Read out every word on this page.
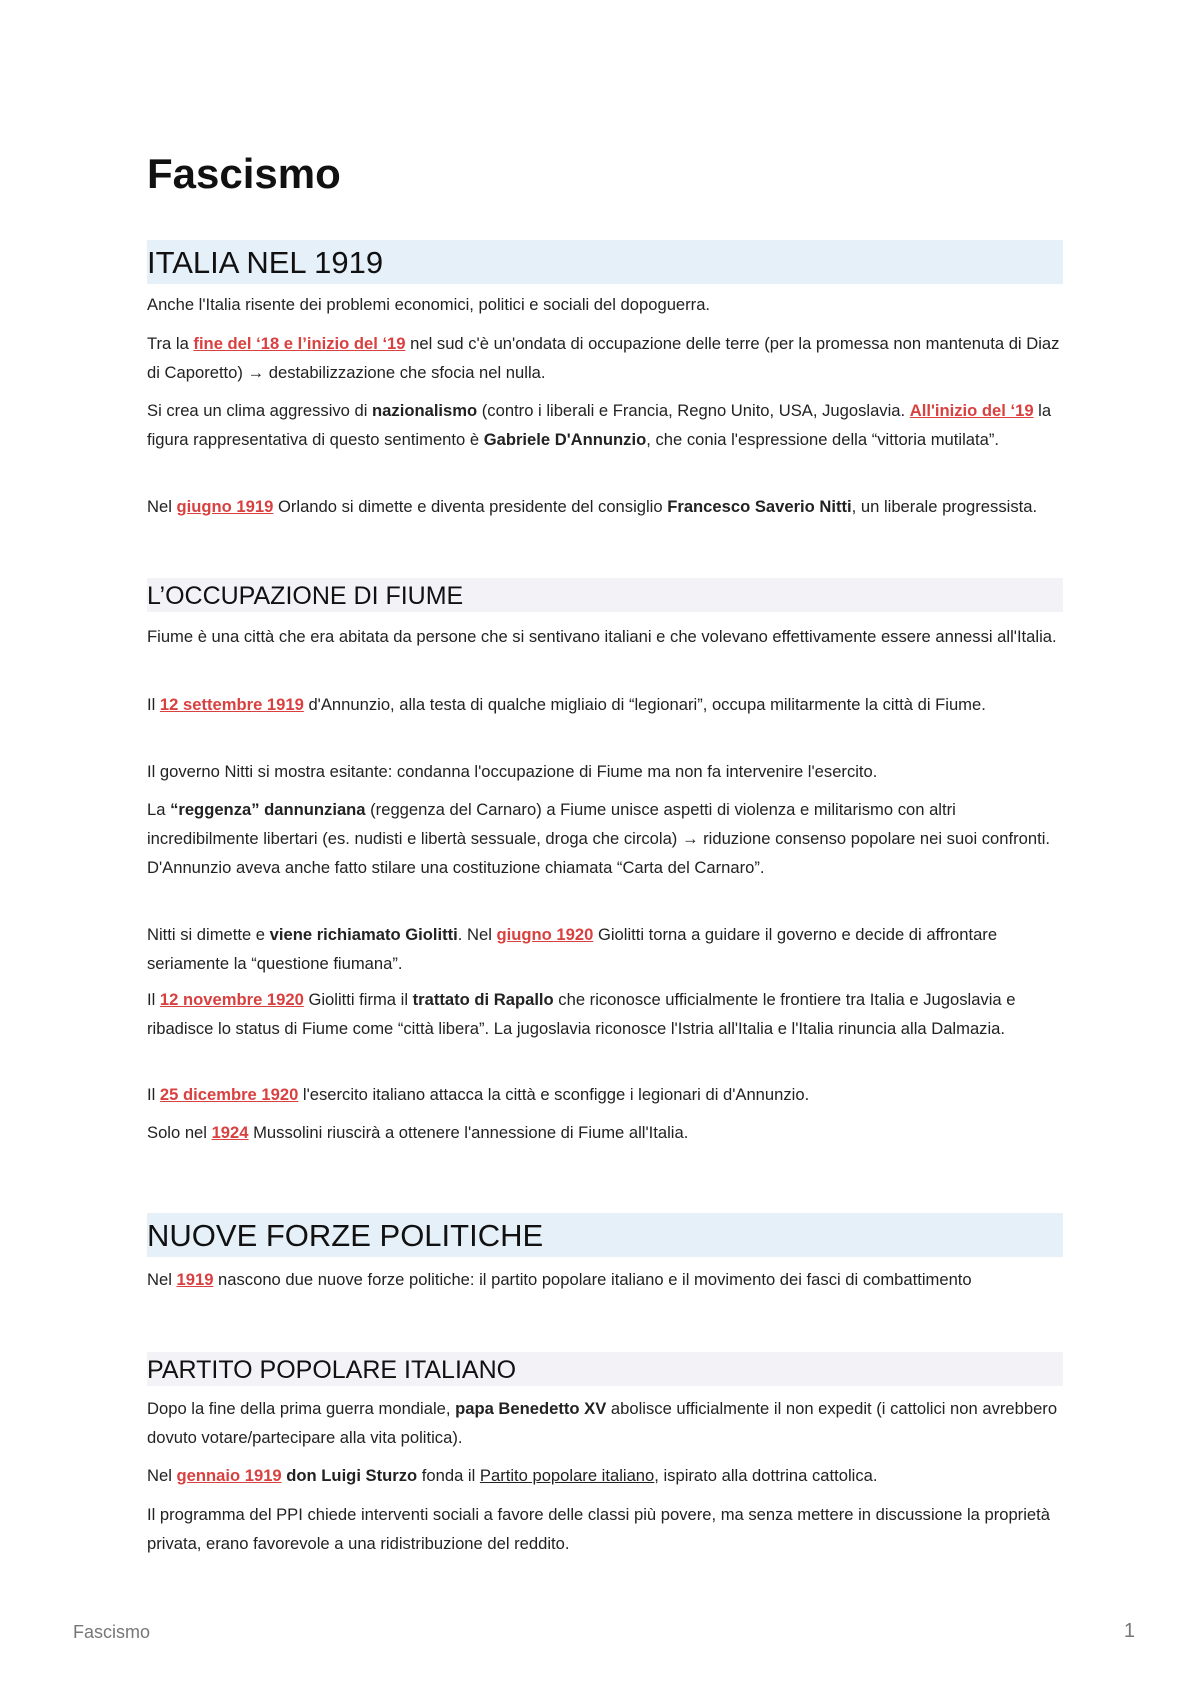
Fascismo
ITALIA NEL 1919

Anche l'Italia risente dei problemi economici, politici e sociali del dopoguerra.

Tra la fine del ‘18 e l’inizio del ‘19 nel sud c'è un'ondata di occupazione delle terre (per la promessa non mantenuta di Diaz di Caporetto) → destabilizzazione che sfocia nel nulla.

Si crea un clima aggressivo di nazionalismo (contro i liberali e Francia, Regno Unito, USA, Jugoslavia. All'inizio del ‘19 la figura rappresentativa di questo sentimento è Gabriele D'Annunzio, che conia l'espressione della “vittoria mutilata”.

Nel giugno 1919 Orlando si dimette e diventa presidente del consiglio Francesco Saverio Nitti, un liberale progressista.

L’OCCUPAZIONE DI FIUME

Fiume è una città che era abitata da persone che si sentivano italiani e che volevano effettivamente essere annessi all'Italia.

Il 12 settembre 1919 d'Annunzio, alla testa di qualche migliaio di “legionari”, occupa militarmente la città di Fiume.

Il governo Nitti si mostra esitante: condanna l'occupazione di Fiume ma non fa intervenire l'esercito.

La “reggenza” dannunziana (reggenza del Carnaro) a Fiume unisce aspetti di violenza e militarismo con altri incredibilmente libertari (es. nudisti e libertà sessuale, droga che circola) → riduzione consenso popolare nei suoi confronti. D'Annunzio aveva anche fatto stilare una costituzione chiamata “Carta del Carnaro”.

Nitti si dimette e viene richiamato Giolitti. Nel giugno 1920 Giolitti torna a guidare il governo e decide di affrontare seriamente la “questione fiumana”.

Il 12 novembre 1920 Giolitti firma il trattato di Rapallo che riconosce ufficialmente le frontiere tra Italia e Jugoslavia e ribadisce lo status di Fiume come “città libera”. La jugoslavia riconosce l'Istria all'Italia e l'Italia rinuncia alla Dalmazia.

Il 25 dicembre 1920 l'esercito italiano attacca la città e sconfigge i legionari di d'Annunzio.

Solo nel 1924 Mussolini riuscirà a ottenere l'annessione di Fiume all'Italia.

NUOVE FORZE POLITICHE

Nel 1919 nascono due nuove forze politiche: il partito popolare italiano e il movimento dei fasci di combattimento

PARTITO POPOLARE ITALIANO

Dopo la fine della prima guerra mondiale, papa Benedetto XV abolisce ufficialmente il non expedit (i cattolici non avrebbero dovuto votare/partecipare alla vita politica).

Nel gennaio 1919 don Luigi Sturzo fonda il Partito popolare italiano, ispirato alla dottrina cattolica.

Il programma del PPI chiede interventi sociali a favore delle classi più povere, ma senza mettere in discussione la proprietà privata, erano favorevole a una ridistribuzione del reddito.

Fascismo	1
